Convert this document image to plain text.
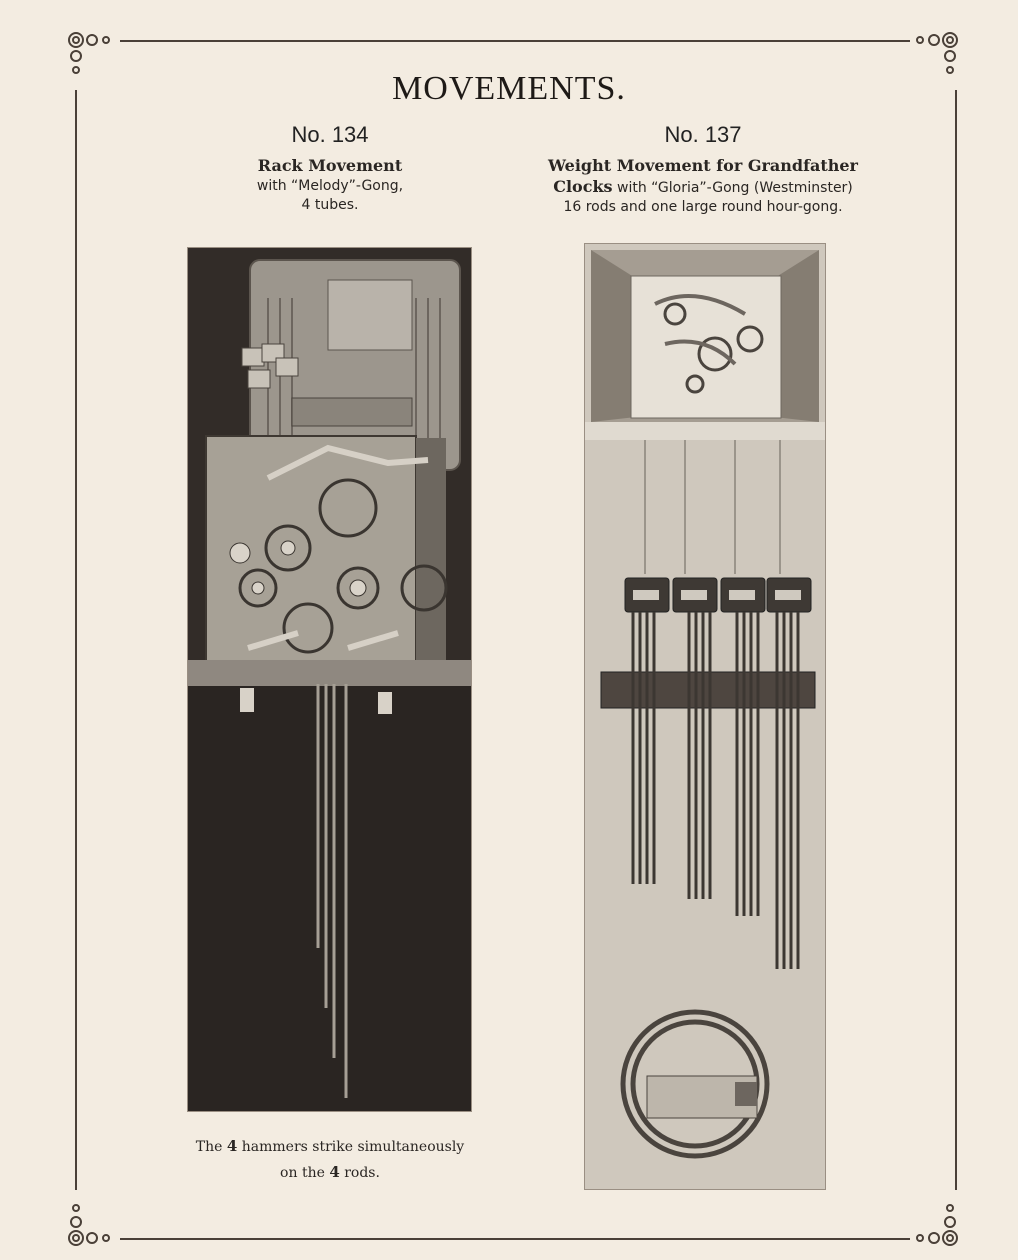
MOVEMENTS.
No. 134
Rack Movement
with “Melody”-Gong,
4 tubes.
No. 137
Weight Movement for Grandfather
Clocks with “Gloria”-Gong (Westminster)
16 rods and one large round hour-gong.
The 4 hammers strike simultaneously
on the 4 rods.
